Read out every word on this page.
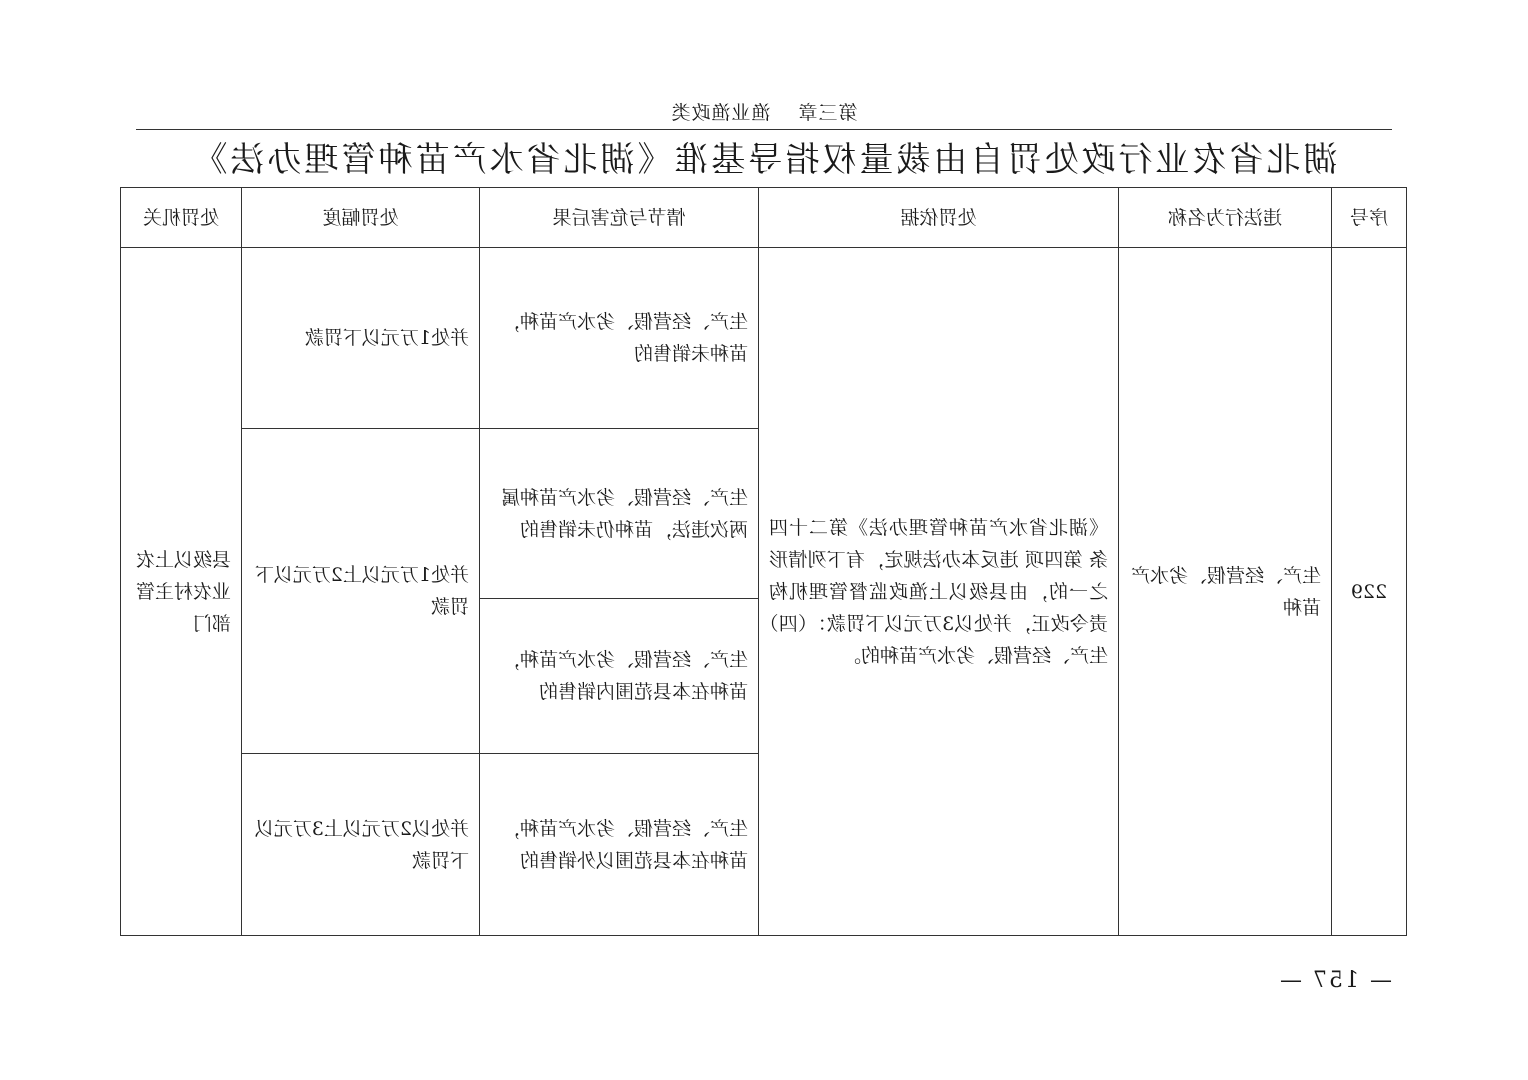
第三章 渔业渔政类
湖北省农业行政处罚自由裁量权指导基准《湖北省水产苗种管理办法》
序号	违法行为名称	处罚依据	情节与危害后果	处罚幅度	处罚机关
229	生产、经营假、劣水产苗种	《湖北省水产苗种管理办法》第二十四条 第四项 违反本办法规定，有下列情形之一的，由县级以上渔政监督管理机构责令改正，并处以3万元以下罚款：（四）生产、经营假、劣水产苗种的。	生产、经营假、劣水产苗种，苗种未销售的	并处1万元以下罚款	县级以上农业农村主管部门
			生产、经营假、劣水产苗种属两次违法，苗种仍未销售的	并处1万元以上2万元以下罚款	
			生产、经营假、劣水产苗种，苗种在本县范围内销售的		
			生产、经营假、劣水产苗种，苗种在本县范围以外销售的	并处以2万元以上3万元以下罚款	
— 157 —
